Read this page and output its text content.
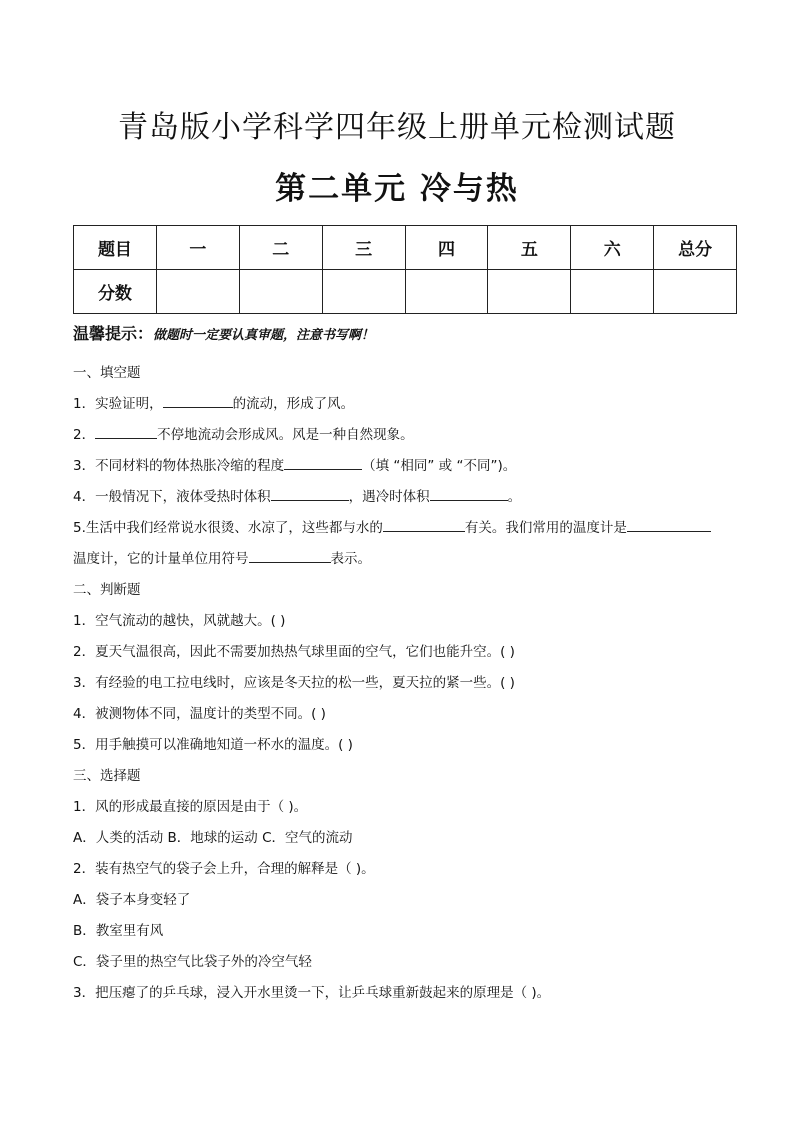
青岛版小学科学四年级上册单元检测试题
第二单元 冷与热
题目	一	二	三	四	五	六	总分
分数							
温馨提示：做题时一定要认真审题，注意书写啊！
一、填空题
1．实验证明，	的流动，形成了风。
2．	不停地流动会形成风。风是一种自然现象。
3．不同材料的物体热胀冷缩的程度	（填 “相同” 或 “不同”)。
4．一般情况下，液体受热时体积	，遇冷时体积	。
5.生活中我们经常说水很烫、水凉了，这些都与水的	有关。我们常用的温度计是
温度计，它的计量单位用符号	表示。
二、判断题
1．空气流动的越快，风就越大。( )
2．夏天气温很高，因此不需要加热热气球里面的空气，它们也能升空。( )
3．有经验的电工拉电线时，应该是冬天拉的松一些，夏天拉的紧一些。( )
4．被测物体不同，温度计的类型不同。( )
5．用手触摸可以准确地知道一杯水的温度。( )
三、选择题
1．风的形成最直接的原因是由于（ )。
A．人类的活动 B．地球的运动 C．空气的流动
2．装有热空气的袋子会上升，合理的解释是（ )。
A．袋子本身变轻了
B．教室里有风
C．袋子里的热空气比袋子外的冷空气轻
3．把压瘪了的乒乓球，浸入开水里烫一下，让乒乓球重新鼓起来的原理是（ )。
